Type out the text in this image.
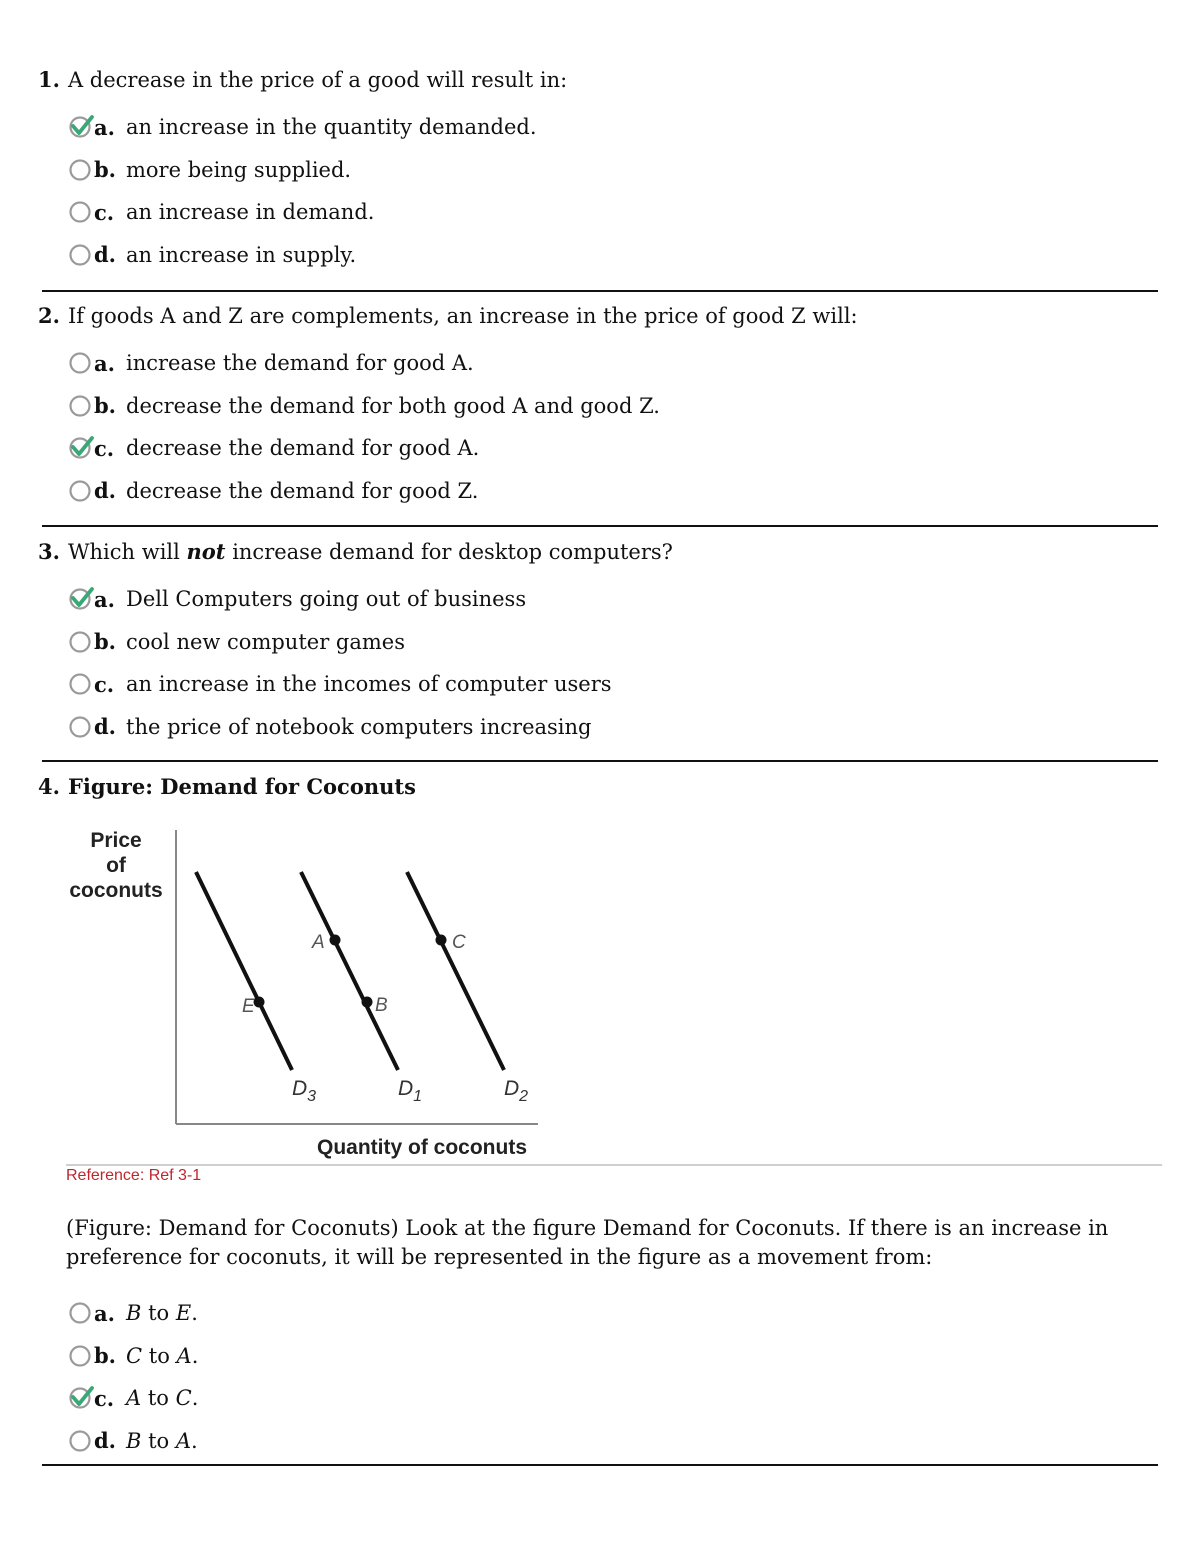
1. A decrease in the price of a good will result in:
a. an increase in the quantity demanded.
b. more being supplied.
c. an increase in demand.
d. an increase in supply.
2. If goods A and Z are complements, an increase in the price of good Z will:
a. increase the demand for good A.
b. decrease the demand for both good A and good Z.
c. decrease the demand for good A.
d. decrease the demand for good Z.
3. Which will not increase demand for desktop computers?
a. Dell Computers going out of business
b. cool new computer games
c. an increase in the incomes of computer users
d. the price of notebook computers increasing
4. Figure: Demand for Coconuts
Price
of
coconuts
E
A
B
C
$D_3$	$D_1$	$D_2$
Quantity of coconuts
Reference: Ref 3-1
(Figure: Demand for Coconuts) Look at the figure Demand for Coconuts. If there is an increase in preference for coconuts, it will be represented in the figure as a movement from:
a. B to E.
b. C to A.
c. A to C.
d. B to A.
